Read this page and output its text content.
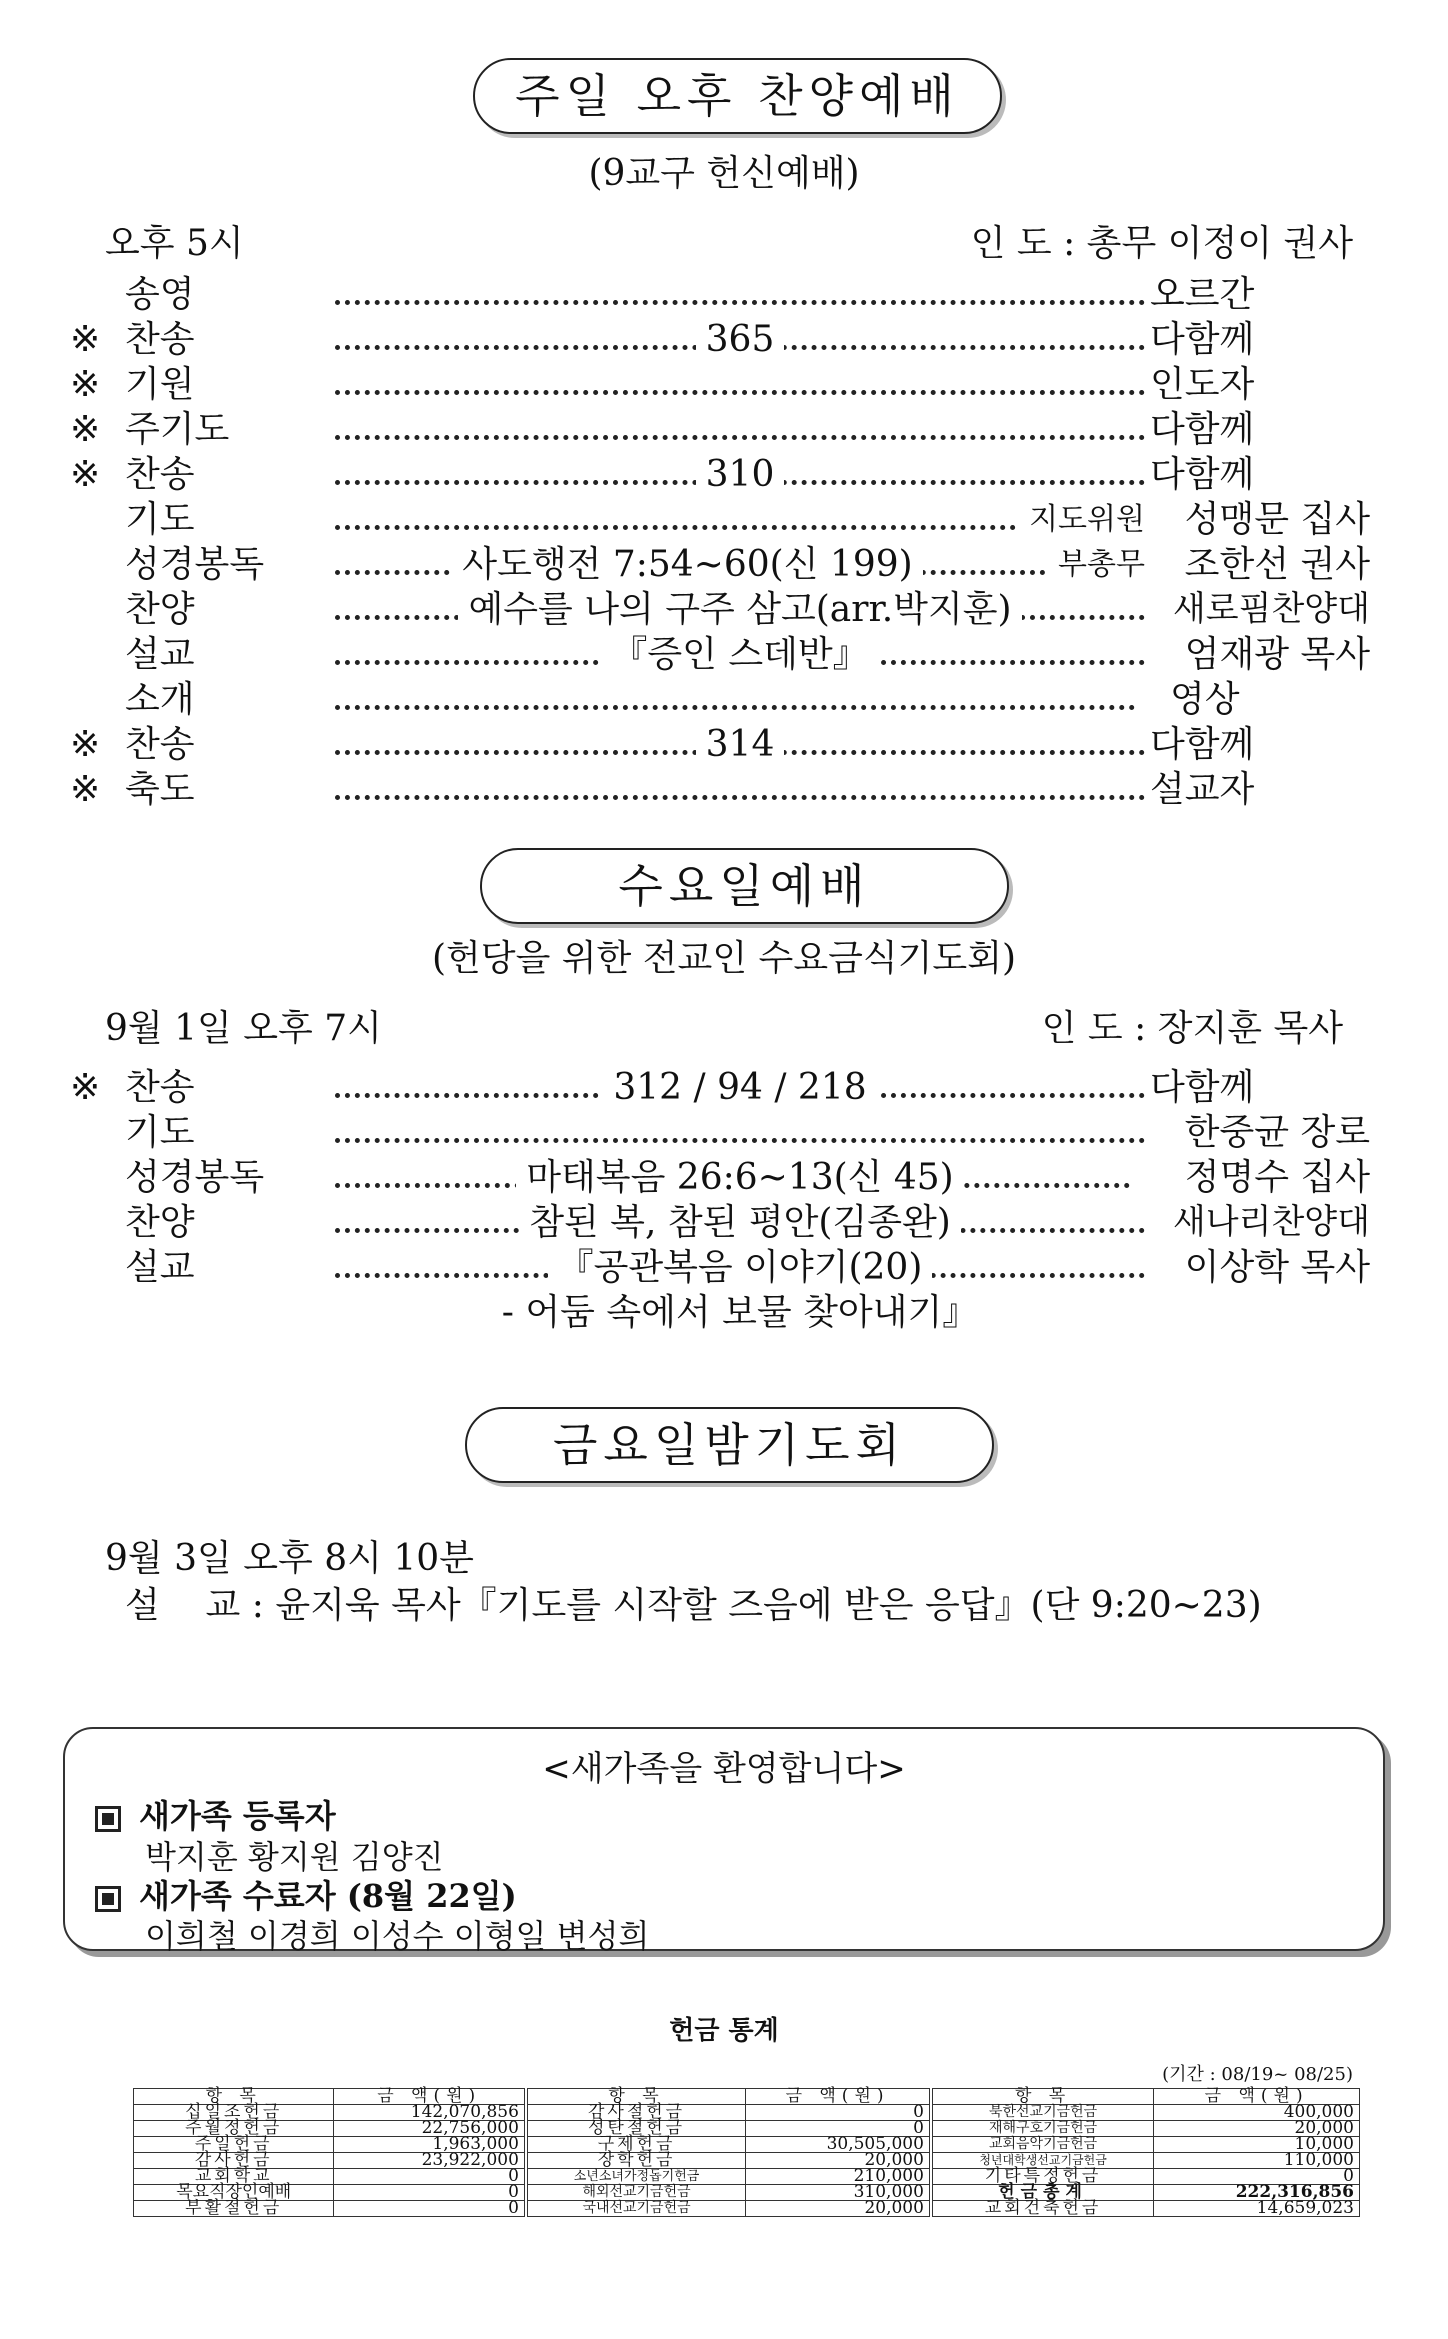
주일 오후 찬양예배
(9교구 헌신예배)
오후 5시	인 도 : 총무 이정이 권사
송영	오르간
※ 찬송	365	다함께
※ 기원	인도자
※ 주기도	다함께
※ 찬송	310	다함께
기도	지도위원	성맹문 집사
성경봉독	사도행전 7:54~60(신 199)	부총무	조한선 권사
찬양	예수를 나의 구주 삼고(arr.박지훈)	새로핌찬양대
설교	『증인 스데반』	엄재광 목사
소개	영상
※ 찬송	314	다함께
※ 축도	설교자
수요일예배
(헌당을 위한 전교인 수요금식기도회)
9월 1일 오후 7시	인 도 : 장지훈 목사
※ 찬송	312 / 94 / 218	다함께
기도	한중균 장로
성경봉독	마태복음 26:6~13(신 45)	정명수 집사
찬양	참된 복, 참된 평안(김종완)	새나리찬양대
설교	『공관복음 이야기(20)	이상학 목사
- 어둠 속에서 보물 찾아내기』
금요일밤기도회
9월 3일 오후 8시 10분
설    교 : 윤지욱 목사『기도를 시작할 즈음에 받은 응답』(단 9:20~23)
<새가족을 환영합니다>
새가족 등록자
박지훈 황지원 김양진
새가족 수료자 (8월 22일)
이희철 이경희 이성수 이형일 변성희
헌금 통계
(기간 : 08/19~ 08/25)
항 목	금 액(원)	항 목	금 액(원)	항 목	금 액(원)
십일조헌금	142,070,856	감사절헌금	0	북한선교기금헌금	400,000
주월정헌금	22,756,000	성탄절헌금	0	재해구호기금헌금	20,000
주일헌금	1,963,000	구제헌금	30,505,000	교회음악기금헌금	10,000
감사헌금	23,922,000	장학헌금	20,000	청년대학생선교기금헌금	110,000
교회학교	0	소년소녀가정돕기헌금	210,000	기타특정헌금	0
목요직장인예배	0	해외선교기금헌금	310,000	헌금총계	222,316,856
부활절헌금	0	국내선교기금헌금	20,000	교회건축헌금	14,659,023
